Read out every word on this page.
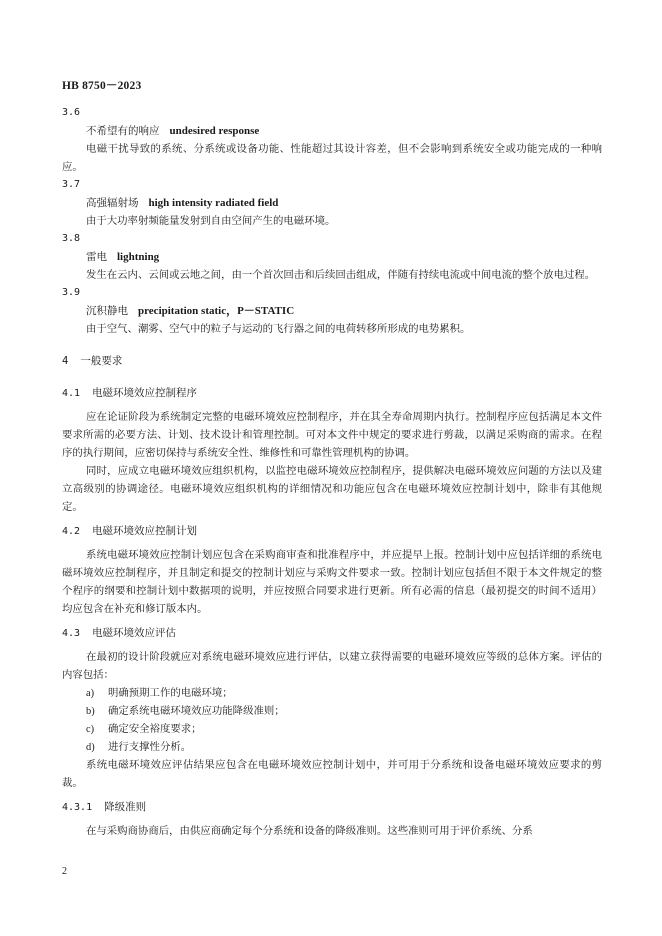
HB 8750－2023
3.6
不希望有的响应 undesired response

电磁干扰导致的系统、分系统或设备功能、性能超过其设计容差，但不会影响到系统安全或功能完成的一种响应。

3.7
高强辐射场 high intensity radiated field

由于大功率射频能量发射到自由空间产生的电磁环境。

3.8
雷电 lightning

发生在云内、云间或云地之间，由一个首次回击和后续回击组成，伴随有持续电流或中间电流的整个放电过程。

3.9
沉积静电 precipitation static，P－STATIC

由于空气、潮雾、空气中的粒子与运动的飞行器之间的电荷转移所形成的电势累积。

4 一般要求
4.1 电磁环境效应控制程序

应在论证阶段为系统制定完整的电磁环境效应控制程序，并在其全寿命周期内执行。控制程序应包括满足本文件要求所需的必要方法、计划、技术设计和管理控制。可对本文件中规定的要求进行剪裁，以满足采购商的需求。在程序的执行期间，应密切保持与系统安全性、维修性和可靠性管理机构的协调。

同时，应成立电磁环境效应组织机构，以监控电磁环境效应控制程序，提供解决电磁环境效应问题的方法以及建立高级别的协调途径。电磁环境效应组织机构的详细情况和功能应包含在电磁环境效应控制计划中，除非有其他规定。

4.2 电磁环境效应控制计划

系统电磁环境效应控制计划应包含在采购商审查和批准程序中，并应提早上报。控制计划中应包括详细的系统电磁环境效应控制程序，并且制定和提交的控制计划应与采购文件要求一致。控制计划应包括但不限于本文件规定的整个程序的纲要和控制计划中数据项的说明，并应按照合同要求进行更新。所有必需的信息（最初提交的时间不适用）均应包含在补充和修订版本内。

4.3 电磁环境效应评估

在最初的设计阶段就应对系统电磁环境效应进行评估，以建立获得需要的电磁环境效应等级的总体方案。评估的内容包括：

a) 明确预期工作的电磁环境；
b) 确定系统电磁环境效应功能降级准则；
c) 确定安全裕度要求；
d) 进行支撑性分析。

系统电磁环境效应评估结果应包含在电磁环境效应控制计划中，并可用于分系统和设备电磁环境效应要求的剪裁。

4.3.1 降级准则

在与采购商协商后，由供应商确定每个分系统和设备的降级准则。这些准则可用于评价系统、分系

2
